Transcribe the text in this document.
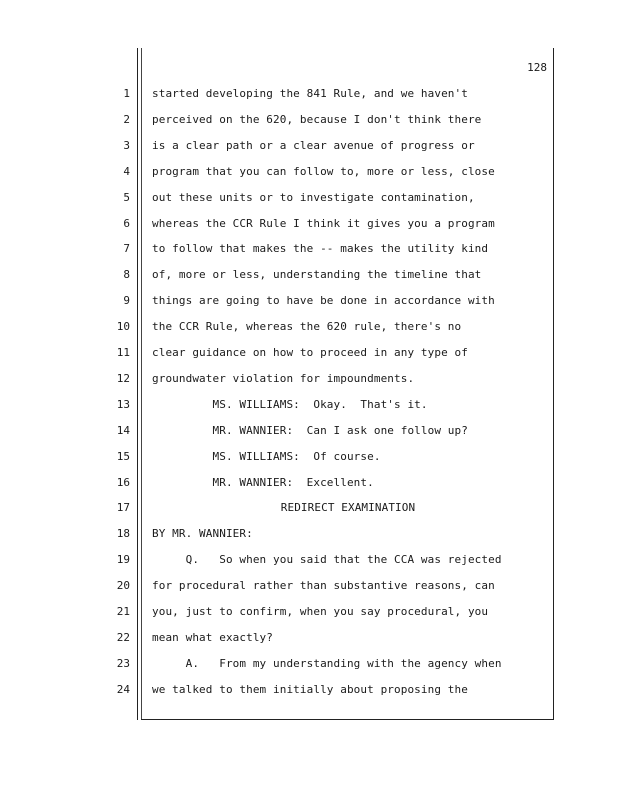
128
1 started developing the 841 Rule, and we haven't
2 perceived on the 620, because I don't think there
3 is a clear path or a clear avenue of progress or
4 program that you can follow to, more or less, close
5 out these units or to investigate contamination,
6 whereas the CCR Rule I think it gives you a program
7 to follow that makes the -- makes the utility kind
8 of, more or less, understanding the timeline that
9 things are going to have be done in accordance with
10 the CCR Rule, whereas the 620 rule, there's no
11 clear guidance on how to proceed in any type of
12 groundwater violation for impoundments.
13 MS. WILLIAMS:  Okay.  That's it.
14 MR. WANNIER:  Can I ask one follow up?
15 MS. WILLIAMS:  Of course.
16 MR. WANNIER:  Excellent.
17	REDIRECT EXAMINATION
18 BY MR. WANNIER:
19 Q.   So when you said that the CCA was rejected
20 for procedural rather than substantive reasons, can
21 you, just to confirm, when you say procedural, you
22 mean what exactly?
23 A.   From my understanding with the agency when
24 we talked to them initially about proposing the
